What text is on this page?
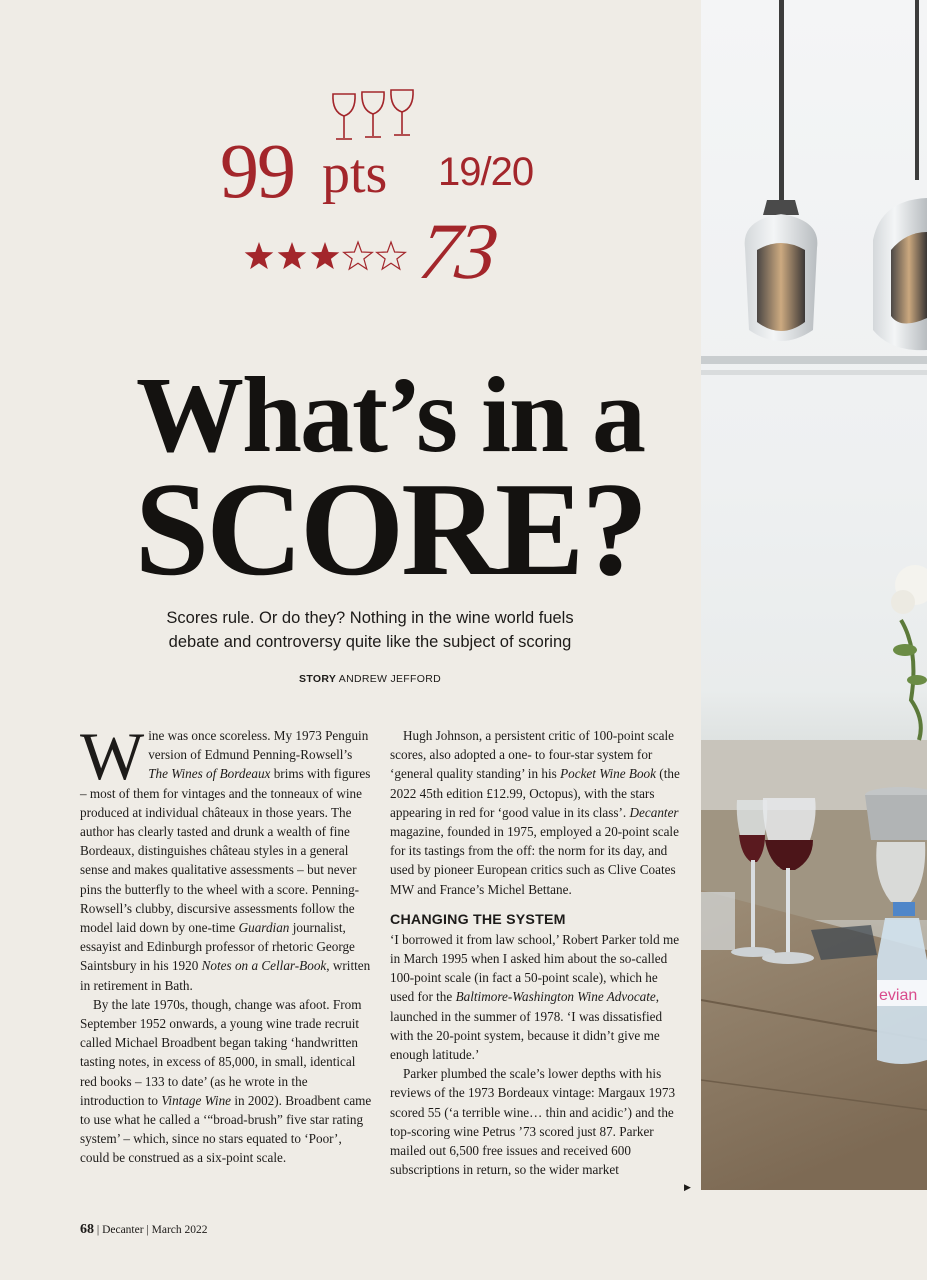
evian
99 pts 19/20
73
What’s in a
SCORE?
Scores rule. Or do they? Nothing in the wine world fuels
debate and controversy quite like the subject of scoring
STORY ANDREW JEFFORD

Wine was once scoreless. My 1973 Penguin version of Edmund Penning-Rowsell’s The Wines of Bordeaux brims with figures – most of them for vintages and the tonneaux of wine produced at individual châteaux in those years. The author has clearly tasted and drunk a wealth of fine Bordeaux, distinguishes château styles in a general sense and makes qualitative assessments – but never pins the butterfly to the wheel with a score. Penning-Rowsell’s clubby, discursive assessments follow the model laid down by one-time Guardian journalist, essayist and Edinburgh professor of rhetoric George Saintsbury in his 1920 Notes on a Cellar-Book, written in retirement in Bath.

By the late 1970s, though, change was afoot. From September 1952 onwards, a young wine trade recruit called Michael Broadbent began taking ‘handwritten tasting notes, in excess of 85,000, in small, identical red books – 133 to date’ (as he wrote in the introduction to Vintage Wine in 2002). Broadbent came to use what he called a ‘“broad-brush” five star rating system’ – which, since no stars equated to ‘Poor’, could be construed as a six-point scale.

Hugh Johnson, a persistent critic of 100-point scale scores, also adopted a one- to four-star system for ‘general quality standing’ in his Pocket Wine Book (the 2022 45th edition £12.99, Octopus), with the stars appearing in red for ‘good value in its class’. Decanter magazine, founded in 1975, employed a 20-point scale for its tastings from the off: the norm for its day, and used by pioneer European critics such as Clive Coates MW and France’s Michel Bettane.

CHANGING THE SYSTEM

‘I borrowed it from law school,’ Robert Parker told me in March 1995 when I asked him about the so-called 100-point scale (in fact a 50-point scale), which he used for the Baltimore-Washington Wine Advocate, launched in the summer of 1978. ‘I was dissatisfied with the 20-point system, because it didn’t give me enough latitude.’

Parker plumbed the scale’s lower depths with his reviews of the 1973 Bordeaux vintage: Margaux 1973 scored 55 (‘a terrible wine… thin and acidic’) and the top-scoring wine Petrus ’73 scored just 87. Parker mailed out 6,500 free issues and received 600 subscriptions in return, so the wider market

▶
68 | Decanter | March 2022
